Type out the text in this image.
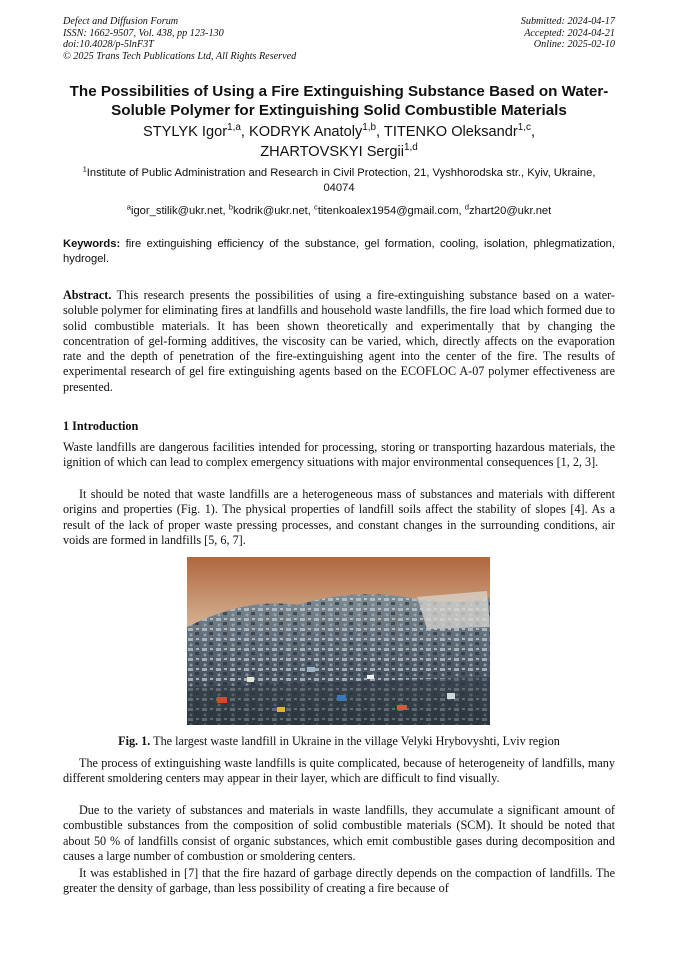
Defect and Diffusion Forum
ISSN: 1662-9507, Vol. 438, pp 123-130
doi:10.4028/p-5lnF3T
© 2025 Trans Tech Publications Ltd, All Rights Reserved
Submitted: 2024-04-17
Accepted: 2024-04-21
Online: 2025-02-10
The Possibilities of Using a Fire Extinguishing Substance Based on Water-Soluble Polymer for Extinguishing Solid Combustible Materials
STYLYK Igor$^{1,a}$, KODRYK Anatoly$^{1,b}$, TITENKO Oleksandr$^{1,c}$,
ZHARTOVSKYI Sergii$^{1,d}$
$^1$Institute of Public Administration and Research in Civil Protection, 21, Vyshhorodska str., Kyiv, Ukraine, 04074
$^a$igor_stilik@ukr.net, $^b$kodrik@ukr.net, $^c$titenkoalex1954@gmail.com, $^d$zhart20@ukr.net
Keywords: fire extinguishing efficiency of the substance, gel formation, cooling, isolation, phlegmatization, hydrogel.
Abstract. This research presents the possibilities of using a fire-extinguishing substance based on a water-soluble polymer for eliminating fires at landfills and household waste landfills, the fire load which formed due to solid combustible materials. It has been shown theoretically and experimentally that by changing the concentration of gel-forming additives, the viscosity can be varied, which, directly affects on the evaporation rate and the depth of penetration of the fire-extinguishing agent into the center of the fire. The results of experimental research of gel fire extinguishing agents based on the ECOFLOC A-07 polymer effectiveness are presented.
1 Introduction

Waste landfills are dangerous facilities intended for processing, storing or transporting hazardous materials, the ignition of which can lead to complex emergency situations with major environmental consequences [1, 2, 3].

It should be noted that waste landfills are a heterogeneous mass of substances and materials with different origins and properties (Fig. 1). The physical properties of landfill soils affect the stability of slopes [4]. As a result of the lack of proper waste pressing processes, and constant changes in the surrounding conditions, air voids are formed in landfills [5, 6, 7].

Fig. 1. The largest waste landfill in Ukraine in the village Velyki Hrybovyshti, Lviv region

The process of extinguishing waste landfills is quite complicated, because of heterogeneity of landfills, many different smoldering centers may appear in their layer, which are difficult to find visually.

Due to the variety of substances and materials in waste landfills, they accumulate a significant amount of combustible substances from the composition of solid combustible materials (SCM). It should be noted that about 50 % of landfills consist of organic substances, which emit combustible gases during decomposition and causes a large number of combustion or smoldering centers.

It was established in [7] that the fire hazard of garbage directly depends on the compaction of landfills. The greater the density of garbage, than less possibility of creating a fire because of
